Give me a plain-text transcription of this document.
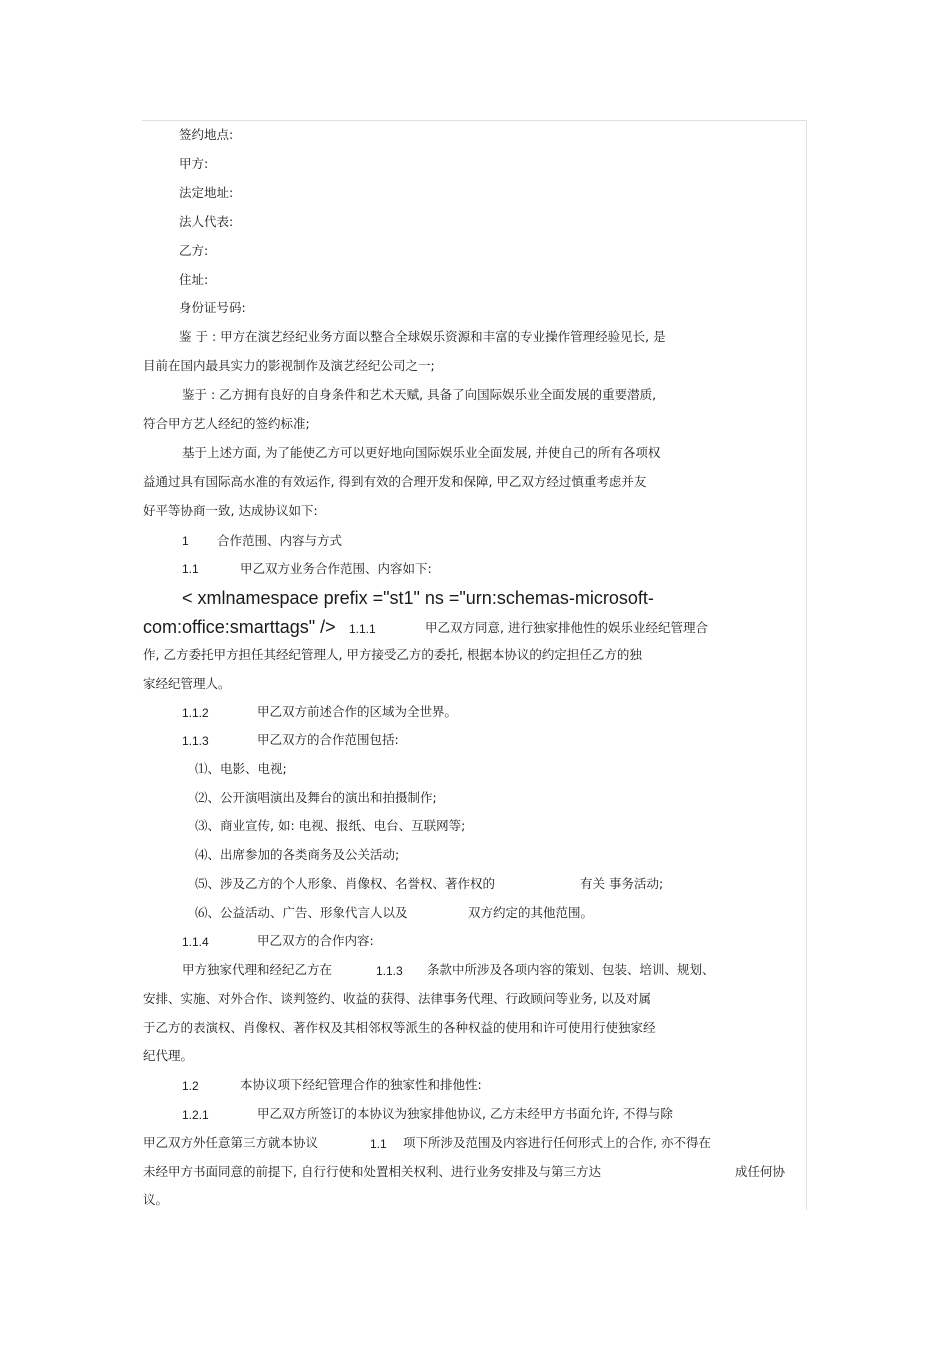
签约地点:
甲方:
法定地址:
法人代表:
乙方:
住址:
身份证号码:
鉴 于 : 甲方在演艺经纪业务方面以整合全球娱乐资源和丰富的专业操作管理经验见长, 是
目前在国内最具实力的影视制作及演艺经纪公司之一;
鉴于 : 乙方拥有良好的自身条件和艺术天赋, 具备了向国际娱乐业全面发展的重要潜质,
符合甲方艺人经纪的签约标准;
基于上述方面, 为了能使乙方可以更好地向国际娱乐业全面发展, 并使自己的所有各项权
益通过具有国际高水准的有效运作, 得到有效的合理开发和保障, 甲乙双方经过慎重考虑并友
好平等协商一致, 达成协议如下:
1 合作范围、内容与方式
1.1	甲乙双方业务合作范围、内容如下:
< xmlnamespace prefix ="st1" ns ="urn:schemas-microsoft-
com:office:smarttags" /> 1.1.1	甲乙双方同意, 进行独家排他性的娱乐业经纪管理合
作, 乙方委托甲方担任其经纪管理人, 甲方接受乙方的委托, 根据本协议的约定担任乙方的独
家经纪管理人。
1.1.2	甲乙双方前述合作的区域为全世界。
1.1.3	甲乙双方的合作范围包括:
⑴、电影、电视;
⑵、公开演唱演出及舞台的演出和拍摄制作;
⑶、商业宣传, 如: 电视、报纸、电台、互联网等;
⑷、出席参加的各类商务及公关活动;
⑸、涉及乙方的个人形象、肖像权、名誉权、著作权的	有关 事务活动;
⑹、公益活动、广告、形象代言人以及	双方约定的其他范围。
1.1.4	甲乙双方的合作内容:
甲方独家代理和经纪乙方在	1.1.3 条款中所涉及各项内容的策划、包装、培训、规划、
安排、实施、对外合作、谈判签约、收益的获得、法律事务代理、行政顾问等业务, 以及对属
于乙方的表演权、肖像权、著作权及其相邻权等派生的各种权益的使用和许可使用行使独家经
纪代理。
1.2	本协议项下经纪管理合作的独家性和排他性:
1.2.1	甲乙双方所签订的本协议为独家排他协议, 乙方未经甲方书面允许, 不得与除
甲乙双方外任意第三方就本协议	1.1 项下所涉及范围及内容进行任何形式上的合作, 亦不得在
未经甲方书面同意的前提下, 自行行使和处置相关权利、进行业务安排及与第三方达	成任何协
议。
